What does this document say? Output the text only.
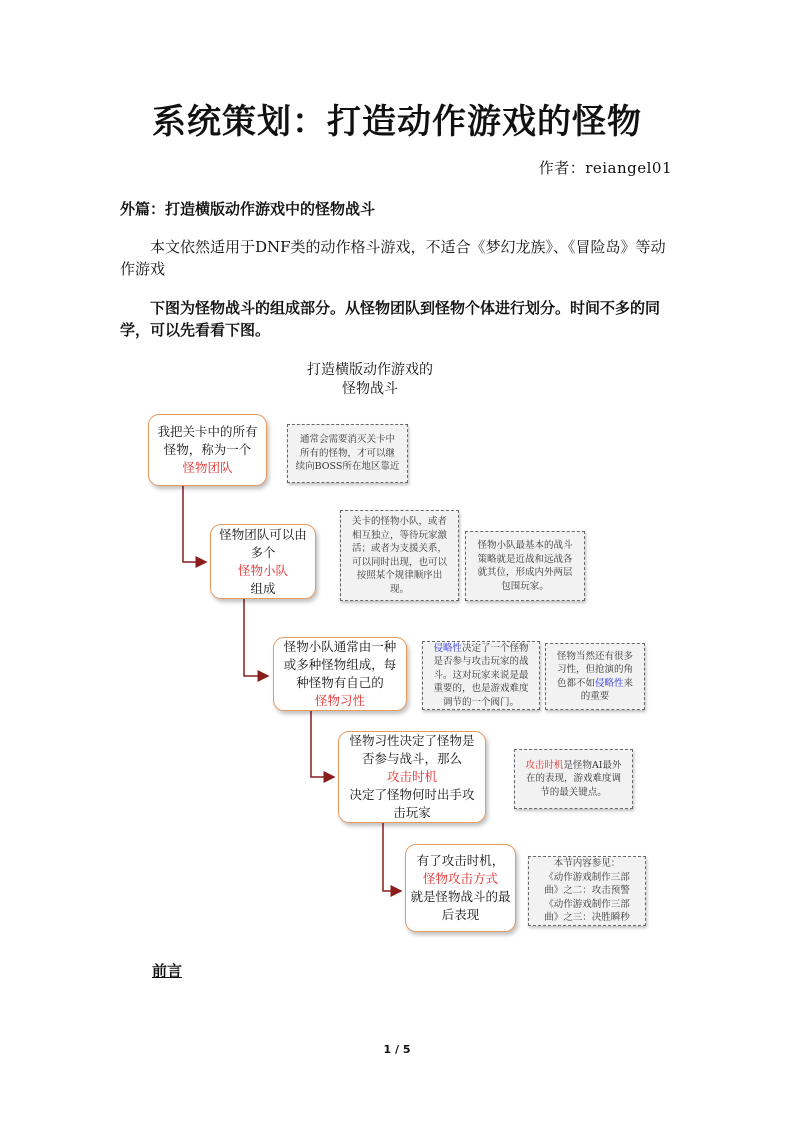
系统策划：打造动作游戏的怪物
作者：reiangel01
外篇：打造横版动作游戏中的怪物战斗
本文依然适用于DNF类的动作格斗游戏，不适合《梦幻龙族》、《冒险岛》等动作游戏
下图为怪物战斗的组成部分。从怪物团队到怪物个体进行划分。时间不多的同学，可以先看看下图。
打造横版动作游戏的
怪物战斗
我把关卡中的所有
怪物，称为一个
怪物团队
怪物团队可以由
多个
怪物小队
组成
怪物小队通常由一种
或多种怪物组成，每
种怪物有自己的
怪物习性
怪物习性决定了怪物是
否参与战斗，那么
攻击时机
决定了怪物何时出手攻
击玩家
有了攻击时机，
怪物攻击方式
就是怪物战斗的最
后表现
通常会需要消灭关卡中
所有的怪物，才可以继
续向BOSS所在地区靠近
关卡的怪物小队，或者
相互独立，等待玩家激
活；或者为支援关系，
可以同时出现，也可以
按照某个规律顺序出
现。
怪物小队最基本的战斗
策略就是近战和远战各
就其位，形成内外两层
包围玩家。
侵略性决定了一个怪物
是否参与攻击玩家的战
斗。这对玩家来说是最
重要的，也是游戏难度
调节的一个阀门。
怪物当然还有很多
习性，但抢演的角
色都不如侵略性来
的重要
攻击时机是怪物AI最外
在的表现，游戏难度调
节的最关键点。
本节内容参见：
《动作游戏制作三部
曲》之二：攻击预警
《动作游戏制作三部
曲》之三：决胜瞬秒
前言
1 / 5
